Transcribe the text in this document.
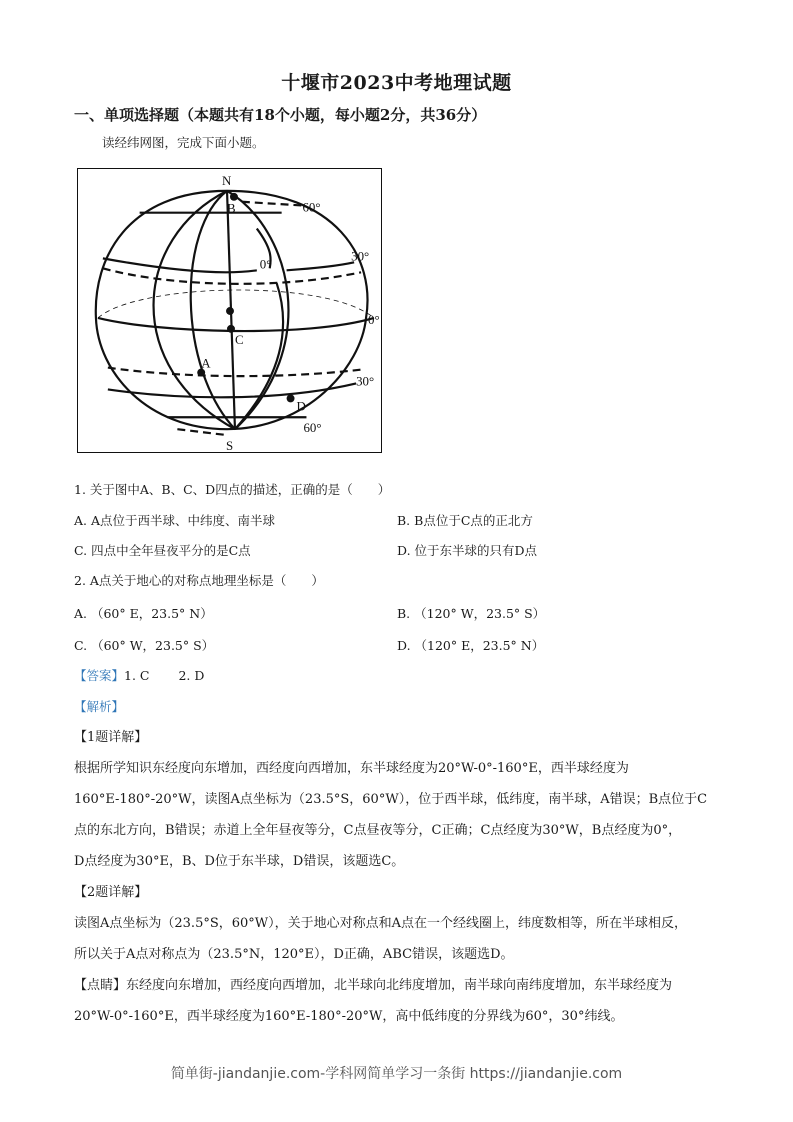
十堰市2023中考地理试题
一、单项选择题（本题共有18个小题，每小题2分，共36分）
读经纬网图，完成下面小题。
N
S
60°
30°
0°
30°
60°
0°
B
C
A
D
1. 关于图中A、B、C、D四点的描述，正确的是（　　）
A. A点位于西半球、中纬度、南半球	B. B点位于C点的正北方
C. 四点中全年昼夜平分的是C点	D. 位于东半球的只有D点
2. A点关于地心的对称点地理坐标是（　　）
A. （60° E，23.5° N）	B. （120° W，23.5° S）
C. （60° W，23.5° S）	D. （120° E，23.5° N）
【答案】1. C　　 2. D
【解析】
【1题详解】
根据所学知识东经度向东增加，西经度向西增加，东半球经度为20°W-0°-160°E，西半球经度为
160°E-180°-20°W，读图A点坐标为（23.5°S，60°W），位于西半球，低纬度，南半球，A错误；B点位于C
点的东北方向，B错误；赤道上全年昼夜等分，C点昼夜等分，C正确；C点经度为30°W，B点经度为0°，
D点经度为30°E，B、D位于东半球，D错误，该题选C。
【2题详解】
读图A点坐标为（23.5°S，60°W），关于地心对称点和A点在一个经线圈上，纬度数相等，所在半球相反，
所以关于A点对称点为（23.5°N，120°E），D正确，ABC错误，该题选D。
【点睛】东经度向东增加，西经度向西增加，北半球向北纬度增加，南半球向南纬度增加，东半球经度为
20°W-0°-160°E，西半球经度为160°E-180°-20°W，高中低纬度的分界线为60°，30°纬线。
简单街-jiandanjie.com-学科网简单学习一条街 https://jiandanjie.com
